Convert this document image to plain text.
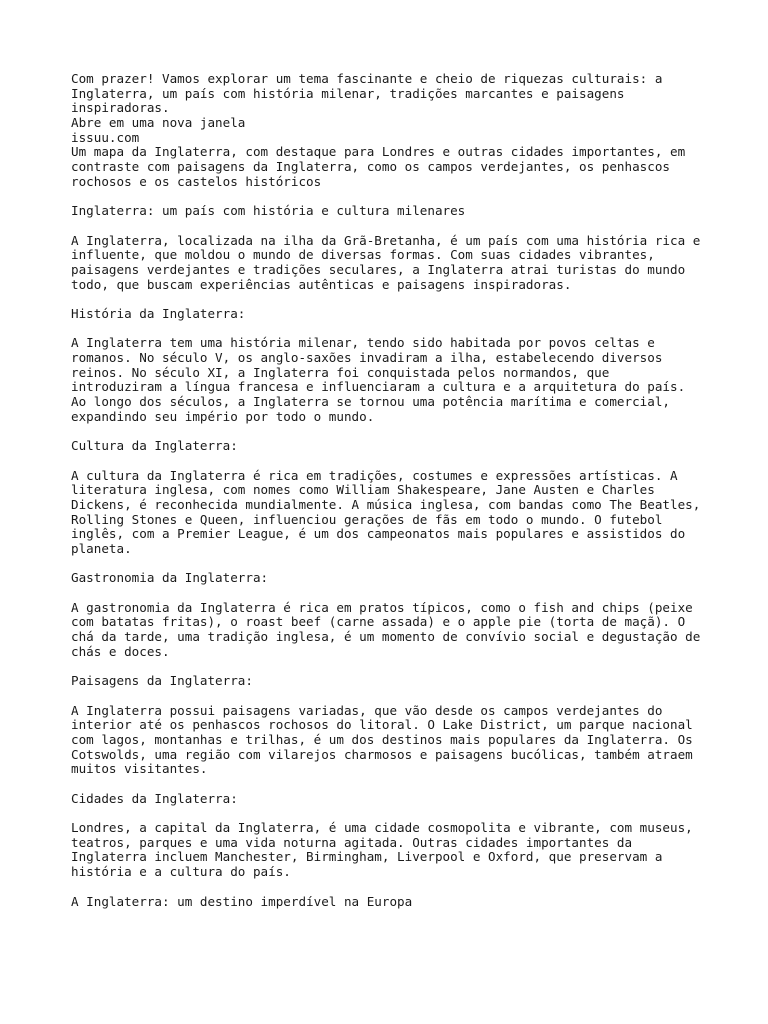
Com prazer! Vamos explorar um tema fascinante e cheio de riquezas culturais: a
Inglaterra, um país com história milenar, tradições marcantes e paisagens
inspiradoras.
Abre em uma nova janela
issuu.com
Um mapa da Inglaterra, com destaque para Londres e outras cidades importantes, em
contraste com paisagens da Inglaterra, como os campos verdejantes, os penhascos
rochosos e os castelos históricos
Inglaterra: um país com história e cultura milenares
A Inglaterra, localizada na ilha da Grã-Bretanha, é um país com uma história rica e
influente, que moldou o mundo de diversas formas. Com suas cidades vibrantes,
paisagens verdejantes e tradições seculares, a Inglaterra atrai turistas do mundo
todo, que buscam experiências autênticas e paisagens inspiradoras.
História da Inglaterra:
A Inglaterra tem uma história milenar, tendo sido habitada por povos celtas e
romanos. No século V, os anglo-saxões invadiram a ilha, estabelecendo diversos
reinos. No século XI, a Inglaterra foi conquistada pelos normandos, que
introduziram a língua francesa e influenciaram a cultura e a arquitetura do país.
Ao longo dos séculos, a Inglaterra se tornou uma potência marítima e comercial,
expandindo seu império por todo o mundo.
Cultura da Inglaterra:
A cultura da Inglaterra é rica em tradições, costumes e expressões artísticas. A
literatura inglesa, com nomes como William Shakespeare, Jane Austen e Charles
Dickens, é reconhecida mundialmente. A música inglesa, com bandas como The Beatles,
Rolling Stones e Queen, influenciou gerações de fãs em todo o mundo. O futebol
inglês, com a Premier League, é um dos campeonatos mais populares e assistidos do
planeta.
Gastronomia da Inglaterra:
A gastronomia da Inglaterra é rica em pratos típicos, como o fish and chips (peixe
com batatas fritas), o roast beef (carne assada) e o apple pie (torta de maçã). O
chá da tarde, uma tradição inglesa, é um momento de convívio social e degustação de
chás e doces.
Paisagens da Inglaterra:
A Inglaterra possui paisagens variadas, que vão desde os campos verdejantes do
interior até os penhascos rochosos do litoral. O Lake District, um parque nacional
com lagos, montanhas e trilhas, é um dos destinos mais populares da Inglaterra. Os
Cotswolds, uma região com vilarejos charmosos e paisagens bucólicas, também atraem
muitos visitantes.
Cidades da Inglaterra:
Londres, a capital da Inglaterra, é uma cidade cosmopolita e vibrante, com museus,
teatros, parques e uma vida noturna agitada. Outras cidades importantes da
Inglaterra incluem Manchester, Birmingham, Liverpool e Oxford, que preservam a
história e a cultura do país.
A Inglaterra: um destino imperdível na Europa
